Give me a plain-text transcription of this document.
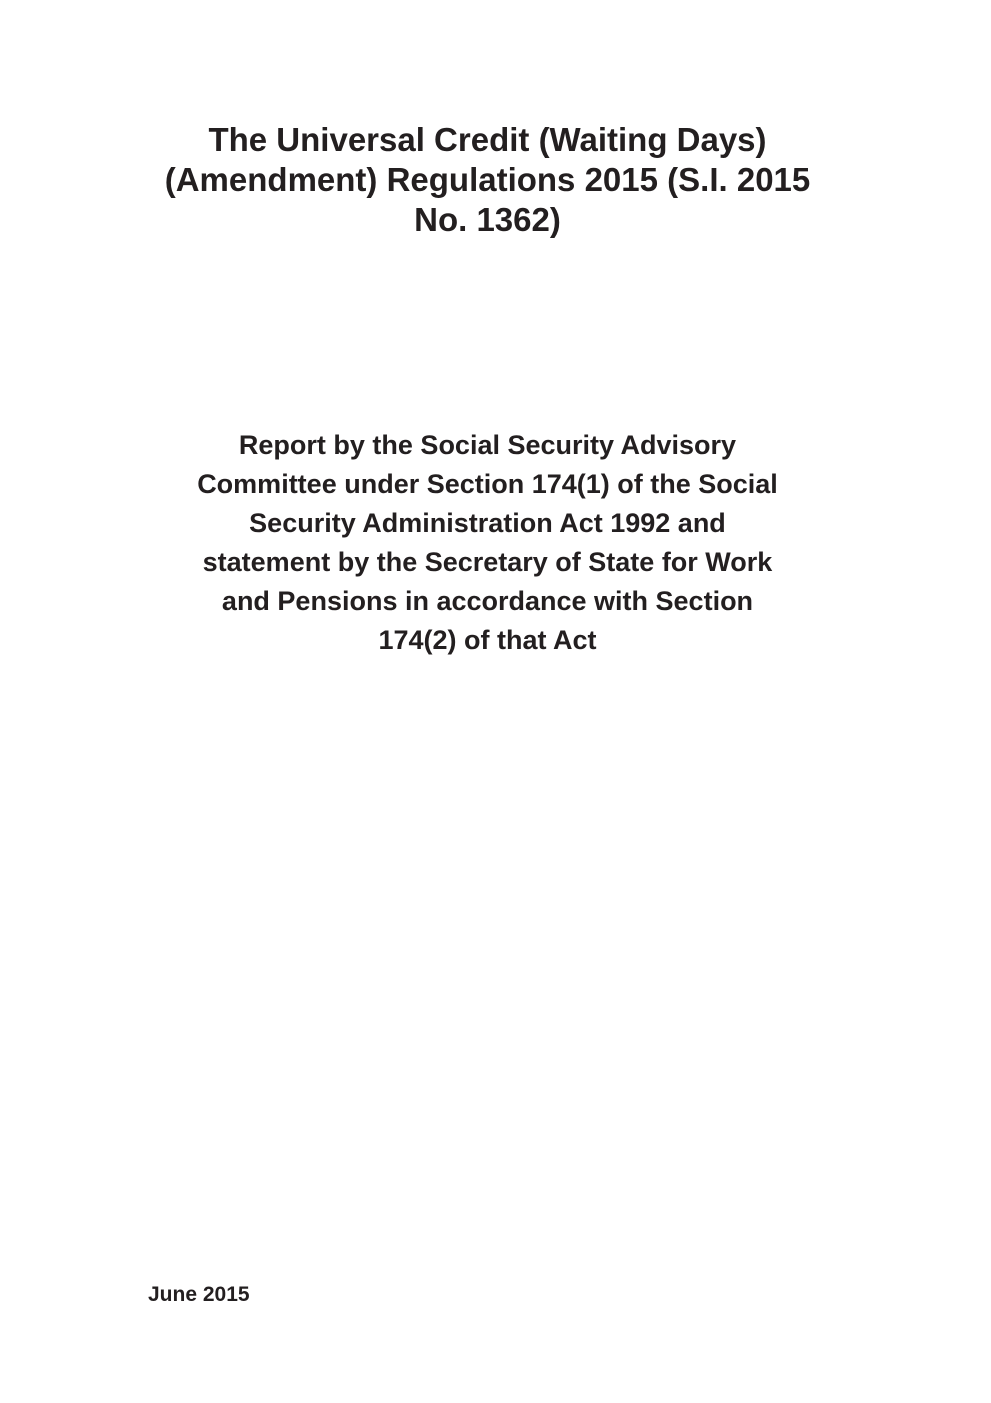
The Universal Credit (Waiting Days)
(Amendment) Regulations 2015 (S.I. 2015
No. 1362)
Report by the Social Security Advisory
Committee under Section 174(1) of the Social
Security Administration Act 1992 and
statement by the Secretary of State for Work
and Pensions in accordance with Section
174(2) of that Act
June 2015
